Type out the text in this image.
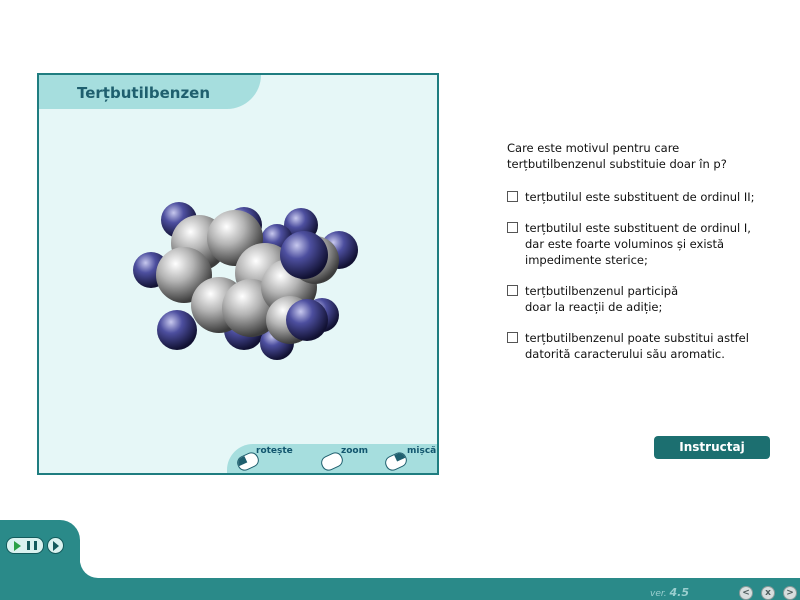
Terțbutilbenzen
rotește	zoom	mișcă
Care este motivul pentru care terțbutilbenzenul substituie doar în p?
terțbutilul este substituent de ordinul II;
terțbutilul este substituent de ordinul I,
dar este foarte voluminos și există
impedimente sterice;
terțbutilbenzenul participă
doar la reacții de adiție;
terțbutilbenzenul poate substitui astfel
datorită caracterului său aromatic.
Instructaj
ver. 4.5	<	x	>
